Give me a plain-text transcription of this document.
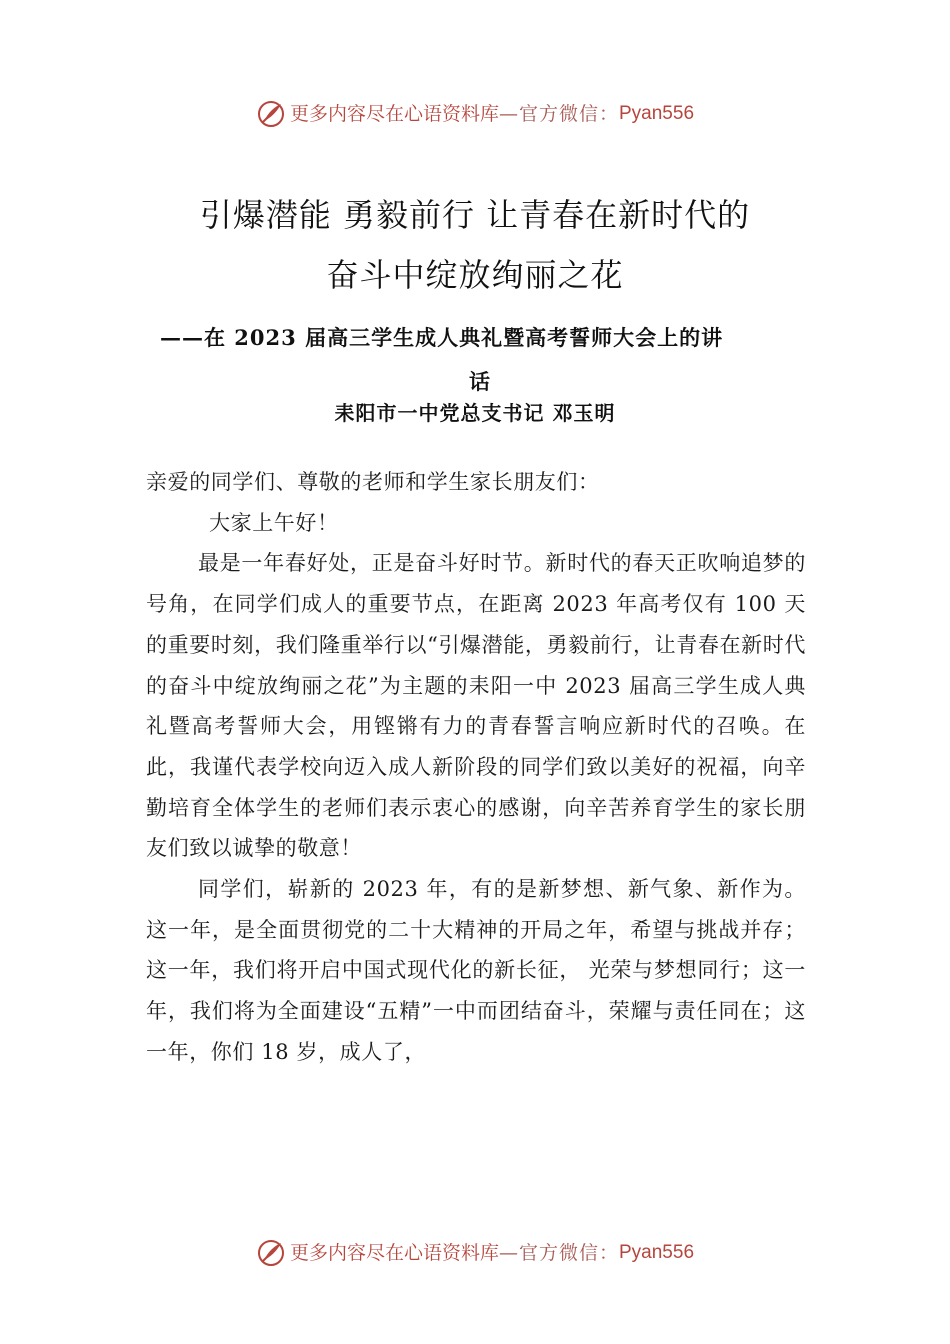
更多内容尽在心语资料库—官方微信：Pyan556
引爆潜能 勇毅前行 让青春在新时代的
奋斗中绽放绚丽之花
——在 2023 届高三学生成人典礼暨高考誓师大会上的讲
话
耒阳市一中党总支书记 邓玉明

亲爱的同学们、尊敬的老师和学生家长朋友们：

大家上午好！

最是一年春好处，正是奋斗好时节。新时代的春天正吹响追梦的号角，在同学们成人的重要节点，在距离 2023 年高考仅有 100 天的重要时刻，我们隆重举行以“引爆潜能，勇毅前行，让青春在新时代的奋斗中绽放绚丽之花”为主题的耒阳一中 2023 届高三学生成人典礼暨高考誓师大会，用铿锵有力的青春誓言响应新时代的召唤。在此，我谨代表学校向迈入成人新阶段的同学们致以美好的祝福，向辛勤培育全体学生的老师们表示衷心的感谢，向辛苦养育学生的家长朋友们致以诚挚的敬意！

同学们，崭新的 2023 年，有的是新梦想、新气象、新作为。这一年，是全面贯彻党的二十大精神的开局之年，希望与挑战并存；这一年，我们将开启中国式现代化的新长征， 光荣与梦想同行；这一年，我们将为全面建设“五精”一中而团结奋斗，荣耀与责任同在；这一年，你们 18 岁，成人了，

更多内容尽在心语资料库—官方微信：Pyan556
